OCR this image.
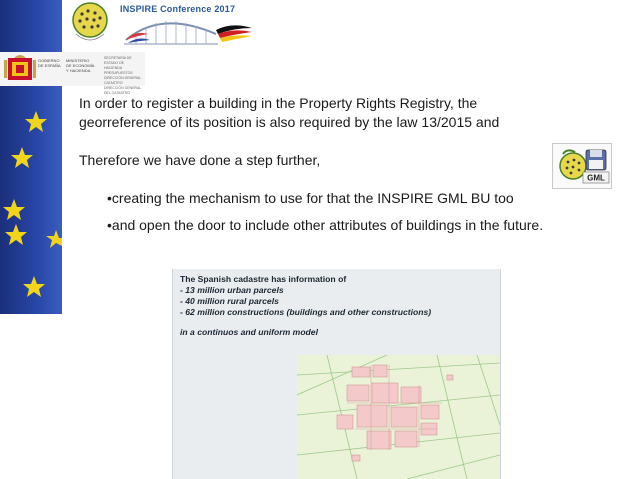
INSPIRE Conference 2017
GOBIERNO
DE ESPAÑA
MINISTERIO
DE ECONOMÍA
Y HACIENDA
SECRETARÍA DE ESTADO DE
HACIENDA PRESUPUESTOS
DIRECCIÓN GENERAL
CATASTRO
DIRECCIÓN GENERAL
DEL CATASTRO
In order to register a building in the Property Rights Registry, the
georreference of its position is also required by the law 13/2015 and
Therefore we have done a step further,
•creating the mechanism to use for that the INSPIRE GML BU too
•and open the door to include other attributes of buildings in the future.
GML
The Spanish cadastre has information of
- 13 million urban parcels
- 40 million rural parcels
- 62 million constructions (buildings and other constructions)
in a continuos and uniform model
